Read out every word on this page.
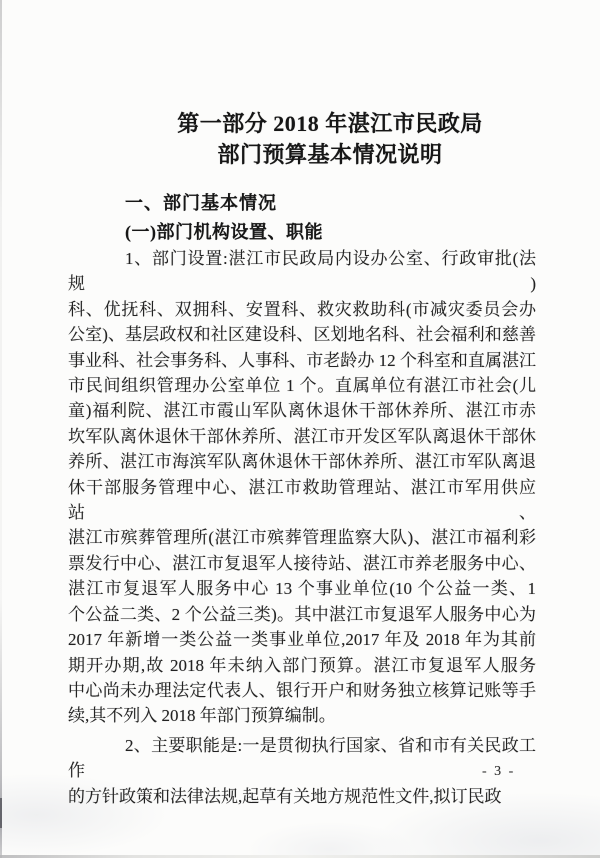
第一部分 2018 年湛江市民政局
部门预算基本情况说明
一、部门基本情况
(一)部门机构设置、职能
1、部门设置:湛江市民政局内设办公室、行政审批(法规)
科、优抚科、双拥科、安置科、救灾救助科(市减灾委员会办
公室)、基层政权和社区建设科、区划地名科、社会福利和慈善
事业科、社会事务科、人事科、市老龄办 12 个科室和直属湛江
市民间组织管理办公室单位 1 个。直属单位有湛江市社会(儿
童)福利院、湛江市霞山军队离休退休干部休养所、湛江市赤
坎军队离休退休干部休养所、湛江市开发区军队离退休干部休
养所、湛江市海滨军队离休退休干部休养所、湛江市军队离退
休干部服务管理中心、湛江市救助管理站、湛江市军用供应站、
湛江市殡葬管理所(湛江市殡葬管理监察大队)、湛江市福利彩
票发行中心、湛江市复退军人接待站、湛江市养老服务中心、
湛江市复退军人服务中心 13 个事业单位(10 个公益一类、1
个公益二类、2 个公益三类)。其中湛江市复退军人服务中心为
2017 年新增一类公益一类事业单位,2017 年及 2018 年为其前
期开办期,故 2018 年未纳入部门预算。湛江市复退军人服务
中心尚未办理法定代表人、银行开户和财务独立核算记账等手
续,其不列入 2018 年部门预算编制。
2、主要职能是:一是贯彻执行国家、省和市有关民政工作
的方针政策和法律法规,起草有关地方规范性文件,拟订民政
- 3 -
